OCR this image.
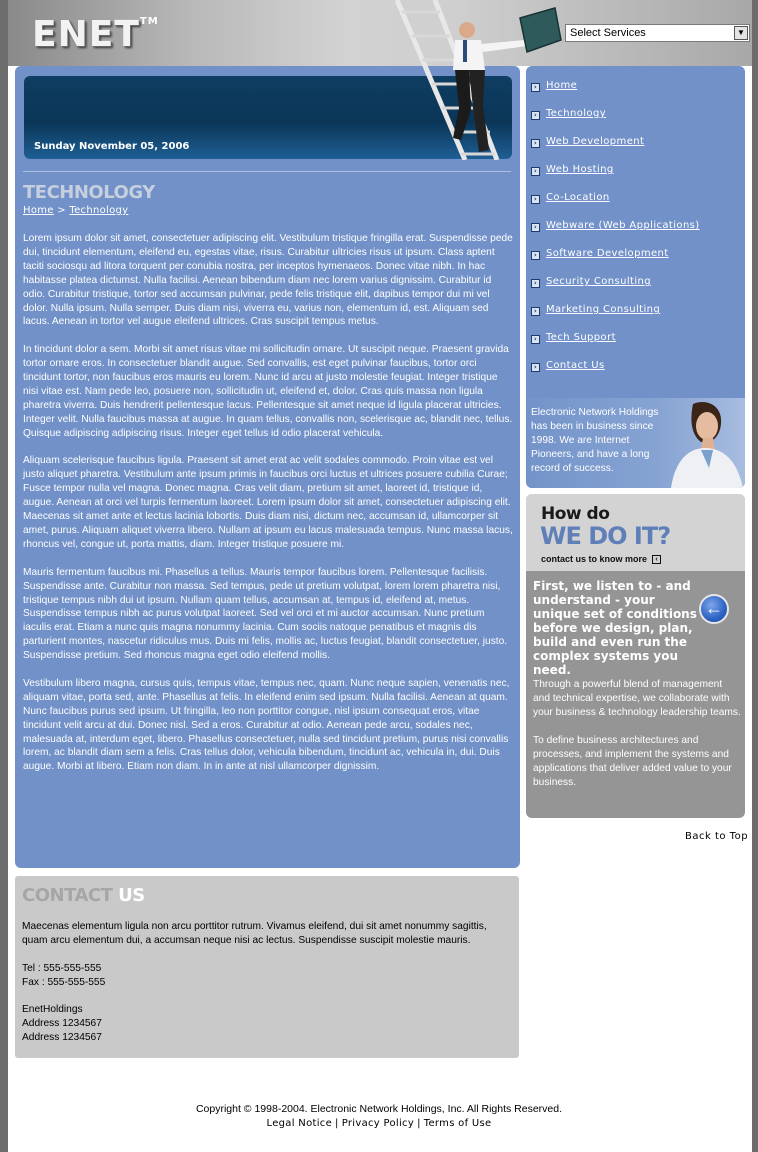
ENET™
Select Services	▼
Sunday November 05, 2006
TECHNOLOGY
Home > Technology

Lorem ipsum dolor sit amet, consectetuer adipiscing elit. Vestibulum tristique fringilla erat. Suspendisse pede dui, tincidunt elementum, eleifend eu, egestas vitae, risus. Curabitur ultricies risus ut ipsum. Class aptent taciti sociosqu ad litora torquent per conubia nostra, per inceptos hymenaeos. Donec vitae nibh. In hac habitasse platea dictumst. Nulla facilisi. Aenean bibendum diam nec lorem varius dignissim. Curabitur id odio. Curabitur tristique, tortor sed accumsan pulvinar, pede felis tristique elit, dapibus tempor dui mi vel dolor. Nulla ipsum. Nulla semper. Duis diam nisi, viverra eu, varius non, elementum id, est. Aliquam sed lacus. Aenean in tortor vel augue eleifend ultrices. Cras suscipit tempus metus.

In tincidunt dolor a sem. Morbi sit amet risus vitae mi sollicitudin ornare. Ut suscipit neque. Praesent gravida tortor ornare eros. In consectetuer blandit augue. Sed convallis, est eget pulvinar faucibus, tortor orci tincidunt tortor, non faucibus eros mauris eu lorem. Nunc id arcu at justo molestie feugiat. Integer tristique nisi vitae est. Nam pede leo, posuere non, sollicitudin ut, eleifend et, dolor. Cras quis massa non ligula pharetra viverra. Duis hendrerit pellentesque lacus. Pellentesque sit amet neque id ligula placerat ultricies. Integer velit. Nulla faucibus massa at augue. In quam tellus, convallis non, scelerisque ac, blandit nec, tellus. Quisque adipiscing adipiscing risus. Integer eget tellus id odio placerat vehicula.

Aliquam scelerisque faucibus ligula. Praesent sit amet erat ac velit sodales commodo. Proin vitae est vel justo aliquet pharetra. Vestibulum ante ipsum primis in faucibus orci luctus et ultrices posuere cubilia Curae; Fusce tempor nulla vel magna. Donec magna. Cras velit diam, pretium sit amet, laoreet id, tristique id, augue. Aenean at orci vel turpis fermentum laoreet. Lorem ipsum dolor sit amet, consectetuer adipiscing elit. Maecenas sit amet ante et lectus lacinia lobortis. Duis diam nisi, dictum nec, accumsan id, ullamcorper sit amet, purus. Aliquam aliquet viverra libero. Nullam at ipsum eu lacus malesuada tempus. Nunc massa lacus, rhoncus vel, congue ut, porta mattis, diam. Integer tristique posuere mi.

Mauris fermentum faucibus mi. Phasellus a tellus. Mauris tempor faucibus lorem. Pellentesque facilisis. Suspendisse ante. Curabitur non massa. Sed tempus, pede ut pretium volutpat, lorem lorem pharetra nisi, tristique tempus nibh dui ut ipsum. Nullam quam tellus, accumsan at, tempus id, eleifend at, metus. Suspendisse tempus nibh ac purus volutpat laoreet. Sed vel orci et mi auctor accumsan. Nunc pretium iaculis erat. Etiam a nunc quis magna nonummy lacinia. Cum sociis natoque penatibus et magnis dis parturient montes, nascetur ridiculus mus. Duis mi felis, mollis ac, luctus feugiat, blandit consectetuer, justo. Suspendisse pretium. Sed rhoncus magna eget odio eleifend mollis.

Vestibulum libero magna, cursus quis, tempus vitae, tempus nec, quam. Nunc neque sapien, venenatis nec, aliquam vitae, porta sed, ante. Phasellus at felis. In eleifend enim sed ipsum. Nulla facilisi. Aenean at quam. Nunc faucibus purus sed ipsum. Ut fringilla, leo non porttitor congue, nisl ipsum consequat eros, vitae tincidunt velit arcu at dui. Donec nisl. Sed a eros. Curabitur at odio. Aenean pede arcu, sodales nec, malesuada at, interdum eget, libero. Phasellus consectetuer, nulla sed tincidunt pretium, purus nisi convallis lorem, ac blandit diam sem a felis. Cras tellus dolor, vehicula bibendum, tincidunt ac, vehicula in, dui. Duis augue. Morbi at libero. Etiam non diam. In in ante at nisl ullamcorper dignissim.

CONTACT US

Maecenas elementum ligula non arcu porttitor rutrum. Vivamus eleifend, dui sit amet nonummy sagittis, quam arcu elementum dui, a accumsan neque nisi ac lectus. Suspendisse suscipit molestie mauris.

Tel : 555-555-555

Fax : 555-555-555

EnetHoldings
Address 1234567
Address 1234567
› Home
› Technology
› Web Development
› Web Hosting
› Co-Location
› Webware (Web Applications)
› Software Development
› Security Consulting
› Marketing Consulting
› Tech Support
› Contact Us
Electronic Network Holdings has been in business since 1998. We are Internet Pioneers, and have a long record of success.
How do
WE DO IT?
contact us to know more	‹
First, we listen to - and understand - your unique set of conditions before we design, plan, build and even run the complex systems you need.
←

Through a powerful blend of management and technical expertise, we collaborate with your business & technology leadership teams.

To define business architectures and processes, and implement the systems and applications that deliver added value to your business.

Back to Top
Copyright © 1998-2004. Electronic Network Holdings, Inc. All Rights Reserved.
Legal Notice | Privacy Policy | Terms of Use
